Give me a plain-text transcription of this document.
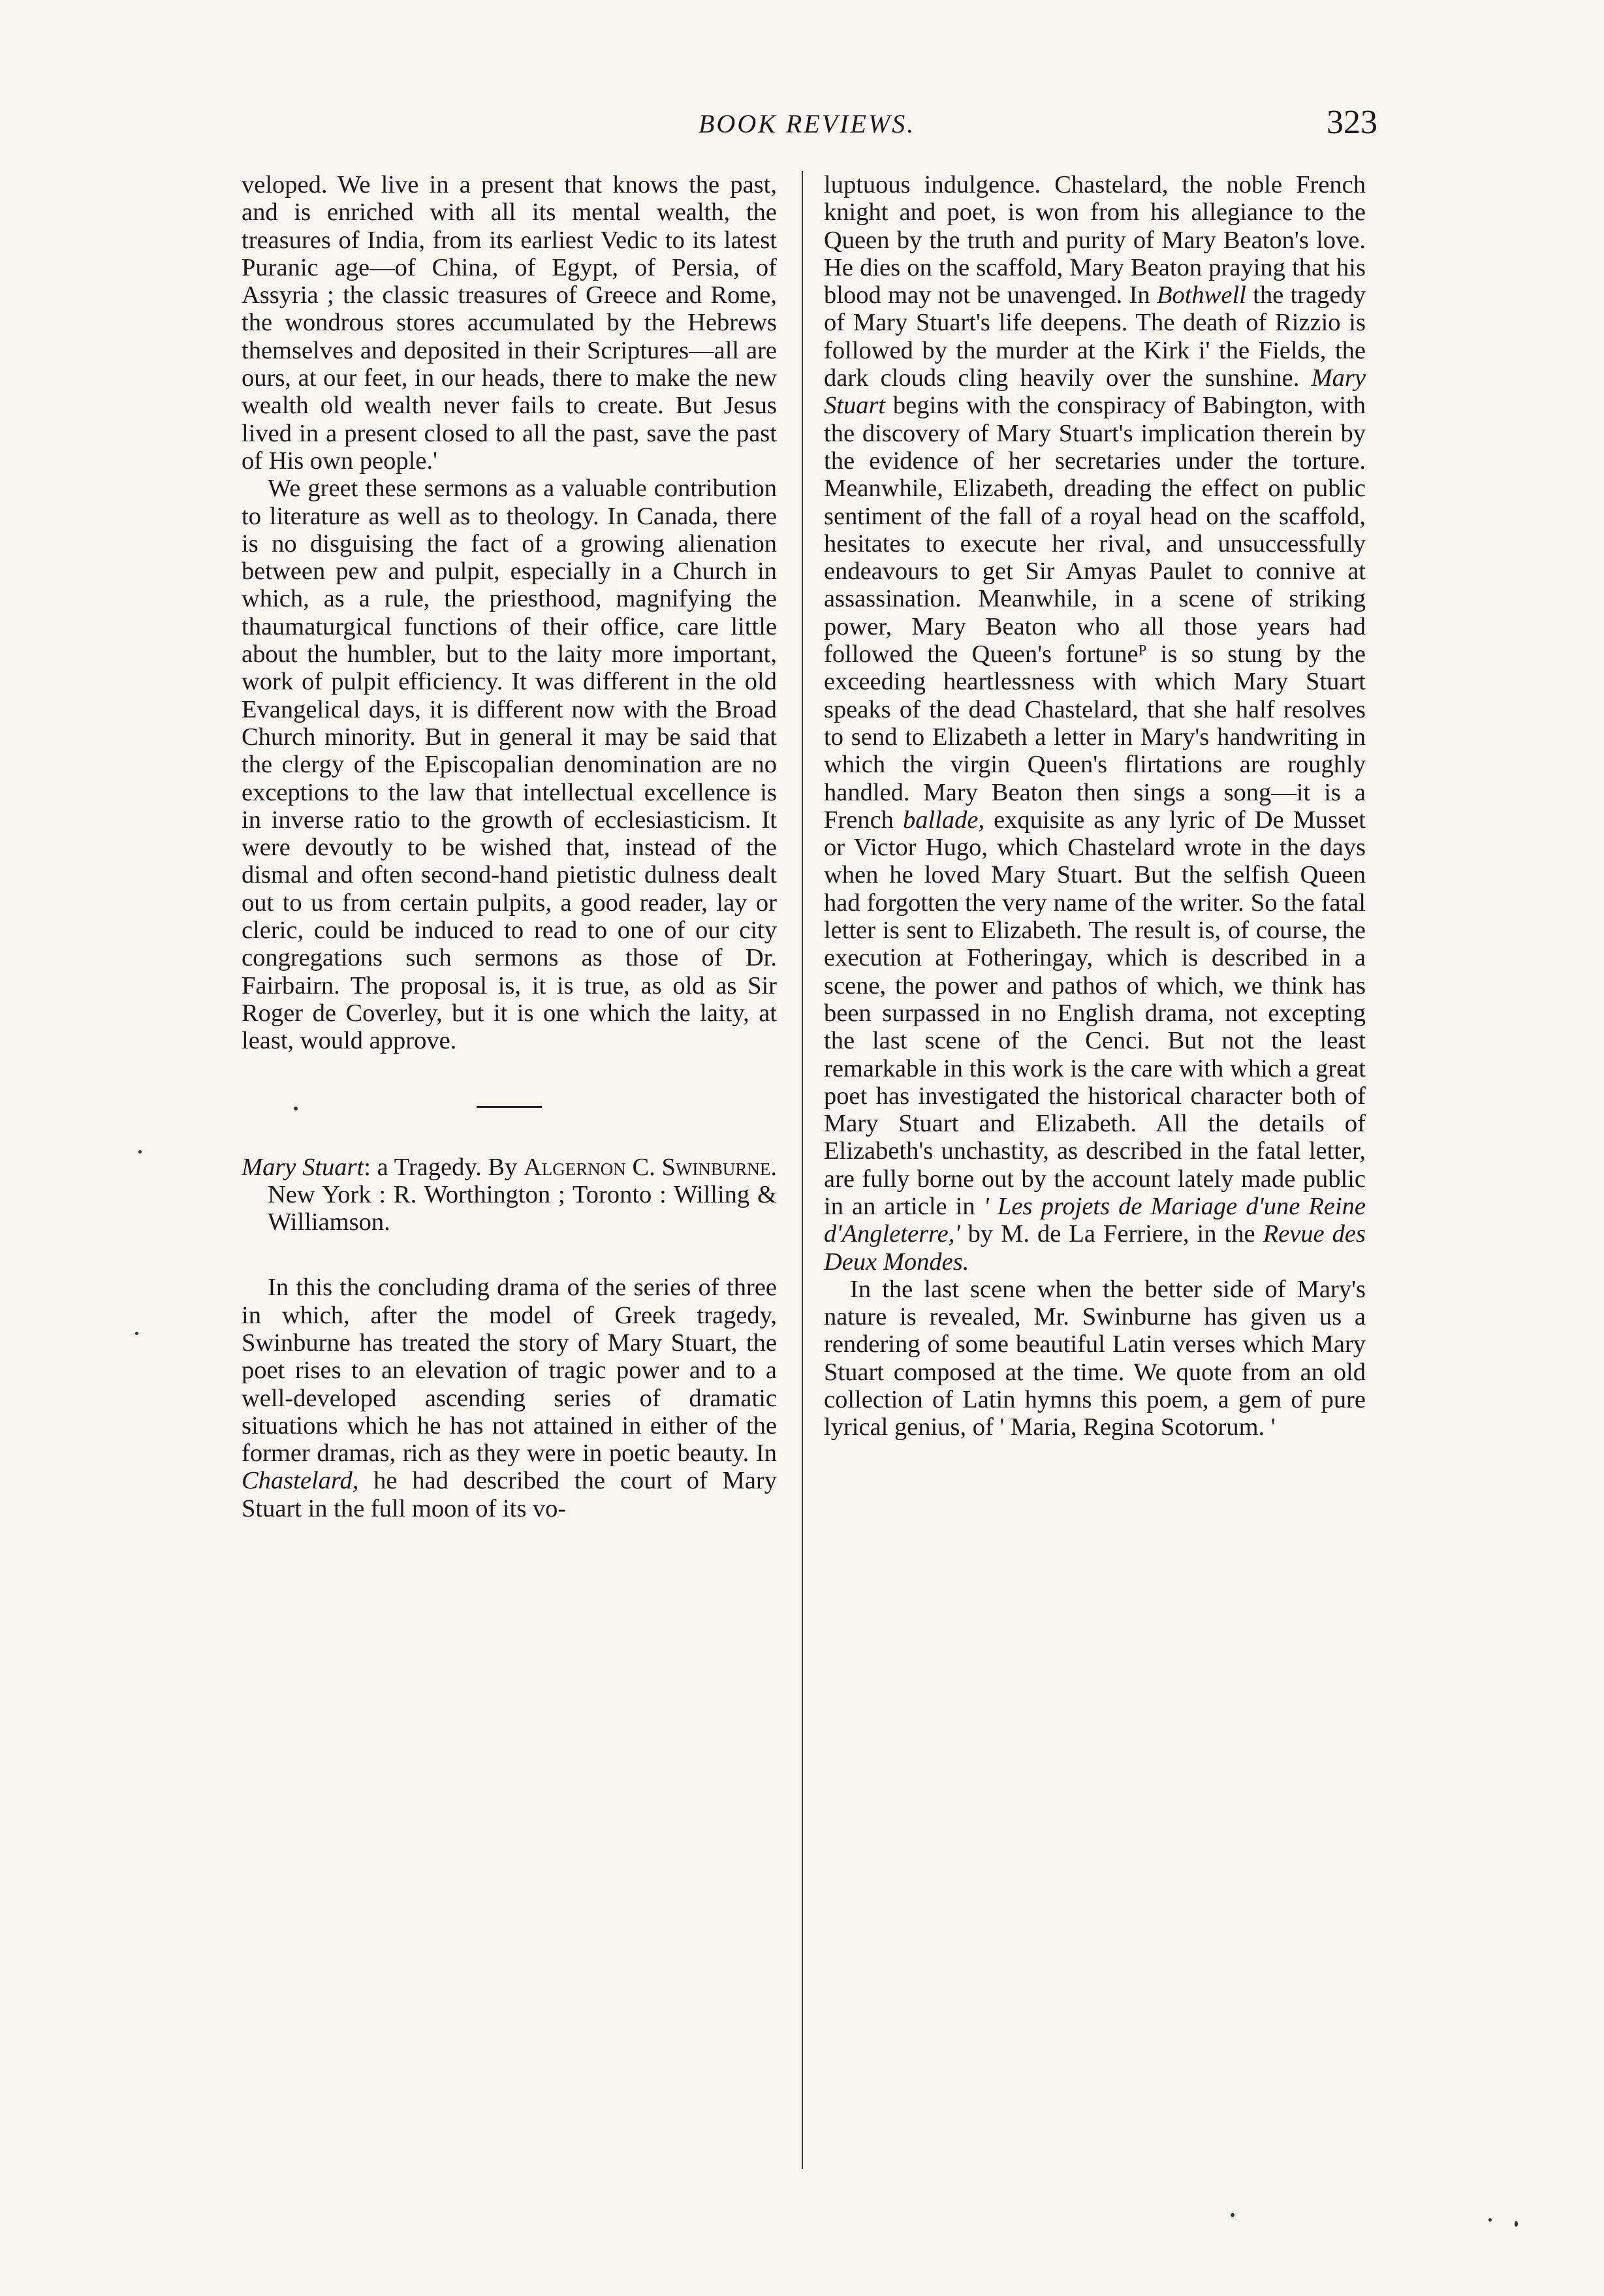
BOOK REVIEWS.	323

veloped. We live in a present that knows the past, and is enriched with all its mental wealth, the treasures of India, from its earliest Vedic to its latest Puranic age—of China, of Egypt, of Persia, of Assyria ; the classic treasures of Greece and Rome, the wondrous stores accumulated by the Hebrews themselves and deposited in their Scriptures—all are ours, at our feet, in our heads, there to make the new wealth old wealth never fails to create. But Jesus lived in a present closed to all the past, save the past of His own people.'

We greet these sermons as a valuable contribution to literature as well as to theology. In Canada, there is no disguising the fact of a growing alienation between pew and pulpit, especially in a Church in which, as a rule, the priesthood, magnifying the thaumaturgical functions of their office, care little about the humbler, but to the laity more important, work of pulpit efficiency. It was different in the old Evangelical days, it is different now with the Broad Church minority. But in general it may be said that the clergy of the Episcopalian denomination are no exceptions to the law that intellectual excellence is in inverse ratio to the growth of ecclesiasticism. It were devoutly to be wished that, instead of the dismal and often second-hand pietistic dulness dealt out to us from certain pulpits, a good reader, lay or cleric, could be induced to read to one of our city congregations such sermons as those of Dr. Fairbairn. The proposal is, it is true, as old as Sir Roger de Coverley, but it is one which the laity, at least, would approve.

Mary Stuart: a Tragedy. By Algernon C. Swinburne. New York : R. Worthington ; Toronto : Willing & Williamson.

In this the concluding drama of the series of three in which, after the model of Greek tragedy, Swinburne has treated the story of Mary Stuart, the poet rises to an elevation of tragic power and to a well-developed ascending series of dramatic situations which he has not attained in either of the former dramas, rich as they were in poetic beauty. In Chastelard, he had described the court of Mary Stuart in the full moon of its vo-

luptuous indulgence. Chastelard, the noble French knight and poet, is won from his allegiance to the Queen by the truth and purity of Mary Beaton's love. He dies on the scaffold, Mary Beaton praying that his blood may not be unavenged. In Bothwell the tragedy of Mary Stuart's life deepens. The death of Rizzio is followed by the murder at the Kirk i' the Fields, the dark clouds cling heavily over the sunshine. Mary Stuart begins with the conspiracy of Babington, with the discovery of Mary Stuart's implication therein by the evidence of her secretaries under the torture. Meanwhile, Elizabeth, dreading the effect on public sentiment of the fall of a royal head on the scaffold, hesitates to execute her rival, and unsuccessfully endeavours to get Sir Amyas Paulet to connive at assassination. Meanwhile, in a scene of striking power, Mary Beaton who all those years had followed the Queen's fortuneᴾ is so stung by the exceeding heartlessness with which Mary Stuart speaks of the dead Chastelard, that she half resolves to send to Elizabeth a letter in Mary's handwriting in which the virgin Queen's flirtations are roughly handled. Mary Beaton then sings a song—it is a French ballade, exquisite as any lyric of De Musset or Victor Hugo, which Chastelard wrote in the days when he loved Mary Stuart. But the selfish Queen had forgotten the very name of the writer. So the fatal letter is sent to Elizabeth. The result is, of course, the execution at Fotheringay, which is described in a scene, the power and pathos of which, we think has been surpassed in no English drama, not excepting the last scene of the Cenci. But not the least remarkable in this work is the care with which a great poet has investigated the historical character both of Mary Stuart and Elizabeth. All the details of Elizabeth's unchastity, as described in the fatal letter, are fully borne out by the account lately made public in an article in ' Les projets de Mariage d'une Reine d'Angleterre,' by M. de La Ferriere, in the Revue des Deux Mondes.

In the last scene when the better side of Mary's nature is revealed, Mr. Swinburne has given us a rendering of some beautiful Latin verses which Mary Stuart composed at the time. We quote from an old collection of Latin hymns this poem, a gem of pure lyrical genius, of ' Maria, Regina Scotorum. '
